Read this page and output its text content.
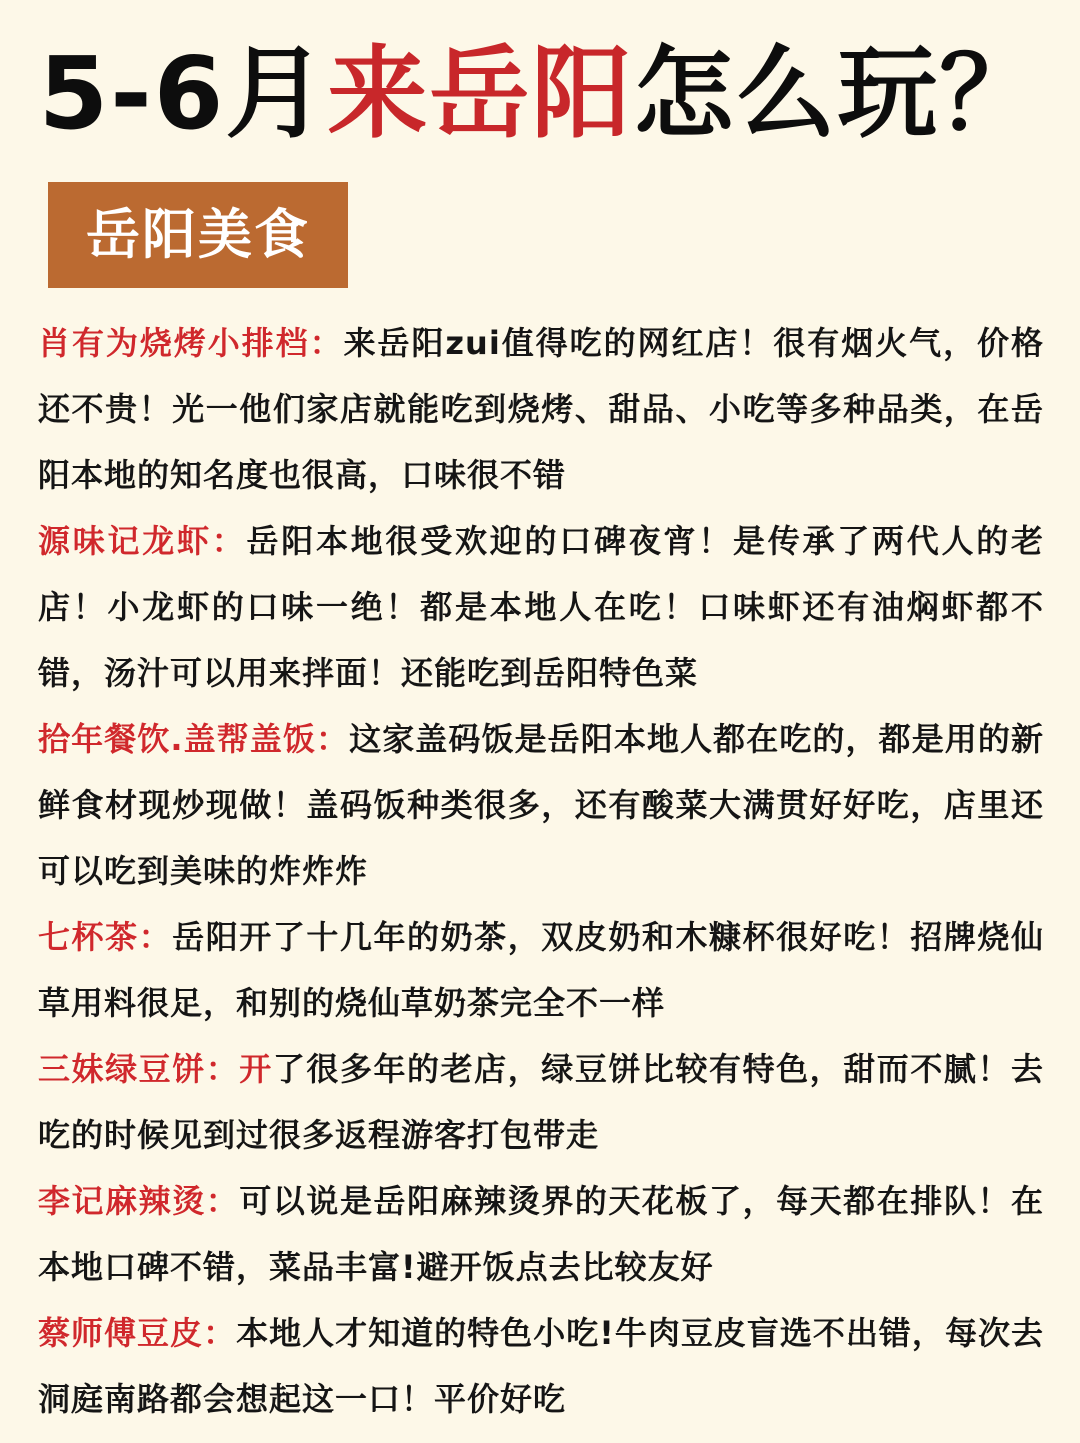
5-6月来岳阳怎么玩？
岳阳美食

肖有为烧烤小排档：来岳阳zui值得吃的网红店！很有烟火气，价格还不贵！光一他们家店就能吃到烧烤、甜品、小吃等多种品类，在岳阳本地的知名度也很高，口味很不错

源味记龙虾：岳阳本地很受欢迎的口碑夜宵！是传承了两代人的老店！小龙虾的口味一绝！都是本地人在吃！口味虾还有油焖虾都不错，汤汁可以用来拌面！还能吃到岳阳特色菜

拾年餐饮.盖帮盖饭：这家盖码饭是岳阳本地人都在吃的，都是用的新鲜食材现炒现做！盖码饭种类很多，还有酸菜大满贯好好吃，店里还可以吃到美味的炸炸炸

七杯茶：岳阳开了十几年的奶茶，双皮奶和木糠杯很好吃！招牌烧仙草用料很足，和别的烧仙草奶茶完全不一样

三妹绿豆饼：开了很多年的老店，绿豆饼比较有特色，甜而不腻！去吃的时候见到过很多返程游客打包带走

李记麻辣烫：可以说是岳阳麻辣烫界的天花板了，每天都在排队！在本地口碑不错，菜品丰富!避开饭点去比较友好

蔡师傅豆皮：本地人才知道的特色小吃!牛肉豆皮盲选不出错，每次去洞庭南路都会想起这一口！平价好吃
